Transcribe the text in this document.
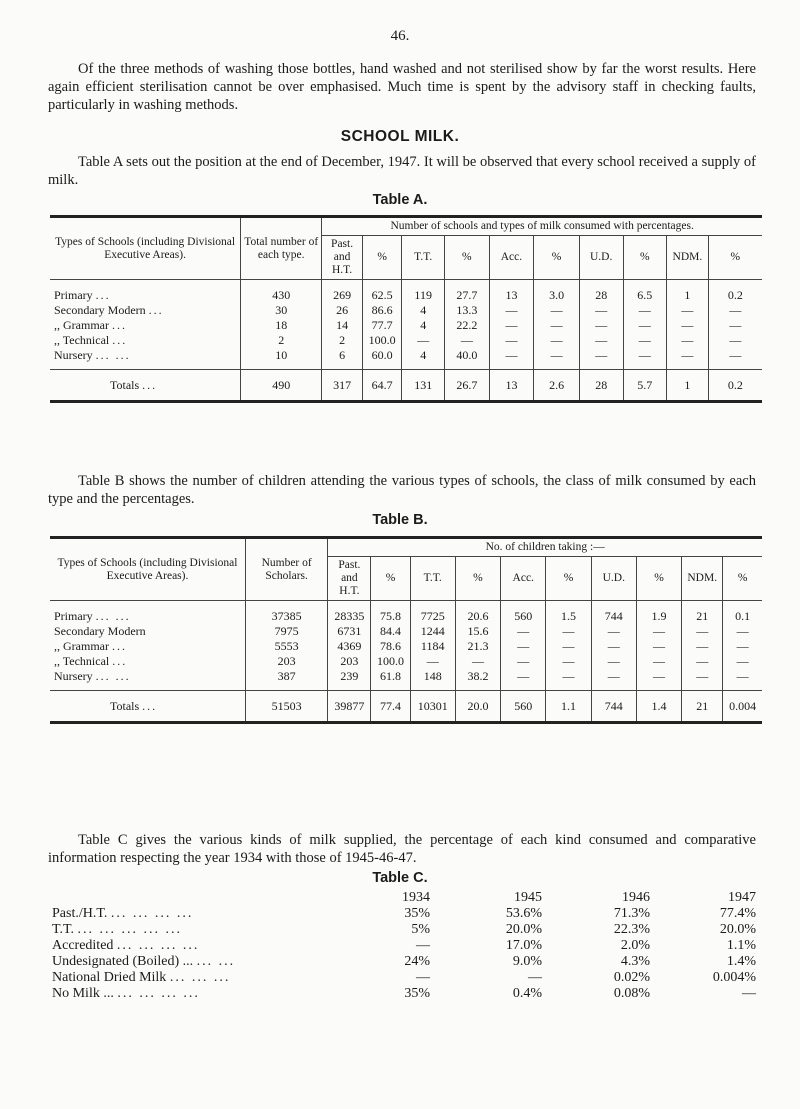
46.
Of the three methods of washing those bottles, hand washed and not sterilised show by far the worst results. Here again efficient sterilisation cannot be over emphasised. Much time is spent by the advisory staff in checking faults, particularly in washing methods.
SCHOOL MILK.
Table A sets out the position at the end of December, 1947. It will be observed that every school received a supply of milk.
Table A.
Types of Schools (including Divisional Executive Areas).	Total number of each type.	Number of schools and types of milk consumed with percentages.									
		Past. and H.T.	%	T.T.	%	Acc.	%	U.D.	%	NDM.	%
Primary ...	430	269	62.5	119	27.7	13	3.0	28	6.5	1	0.2
Secondary Modern ...	30	26	86.6	4	13.3	—	—	—	—	—	—
,, Grammar ...	18	14	77.7	4	22.2	—	—	—	—	—	—
,, Technical ...	2	2	100.0	—	—	—	—	—	—	—	—
Nursery ... ...	10	6	60.0	4	40.0	—	—	—	—	—	—
Totals ...	490	317	64.7	131	26.7	13	2.6	28	5.7	1	0.2
Table B shows the number of children attending the various types of schools, the class of milk consumed by each type and the percentages.
Table B.
Types of Schools (including Divisional Executive Areas).	Number of Scholars.	No. of children taking :—									
		Past. and H.T.	%	T.T.	%	Acc.	%	U.D.	%	NDM.	%
Primary ... ...	37385	28335	75.8	7725	20.6	560	1.5	744	1.9	21	0.1
Secondary Modern	7975	6731	84.4	1244	15.6	—	—	—	—	—	—
,, Grammar ...	5553	4369	78.6	1184	21.3	—	—	—	—	—	—
,, Technical ...	203	203	100.0	—	—	—	—	—	—	—	—
Nursery ... ...	387	239	61.8	148	38.2	—	—	—	—	—	—
Totals ...	51503	39877	77.4	10301	20.0	560	1.1	744	1.4	21	0.004
Table C gives the various kinds of milk supplied, the percentage of each kind consumed and comparative information respecting the year 1934 with those of 1945-46-47.
Table C.
	1934	1945	1946	1947
Past./H.T. ... ... ... ...	35%	53.6%	71.3%	77.4%
T.T. ... ... ... ... ...	5%	20.0%	22.3%	20.0%
Accredited ... ... ... ...	—	17.0%	2.0%	1.1%
Undesignated (Boiled) ... ... ...	24%	9.0%	4.3%	1.4%
National Dried Milk ... ... ...	—	—	0.02%	0.004%
No Milk ... ... ... ... ...	35%	0.4%	0.08%	—
